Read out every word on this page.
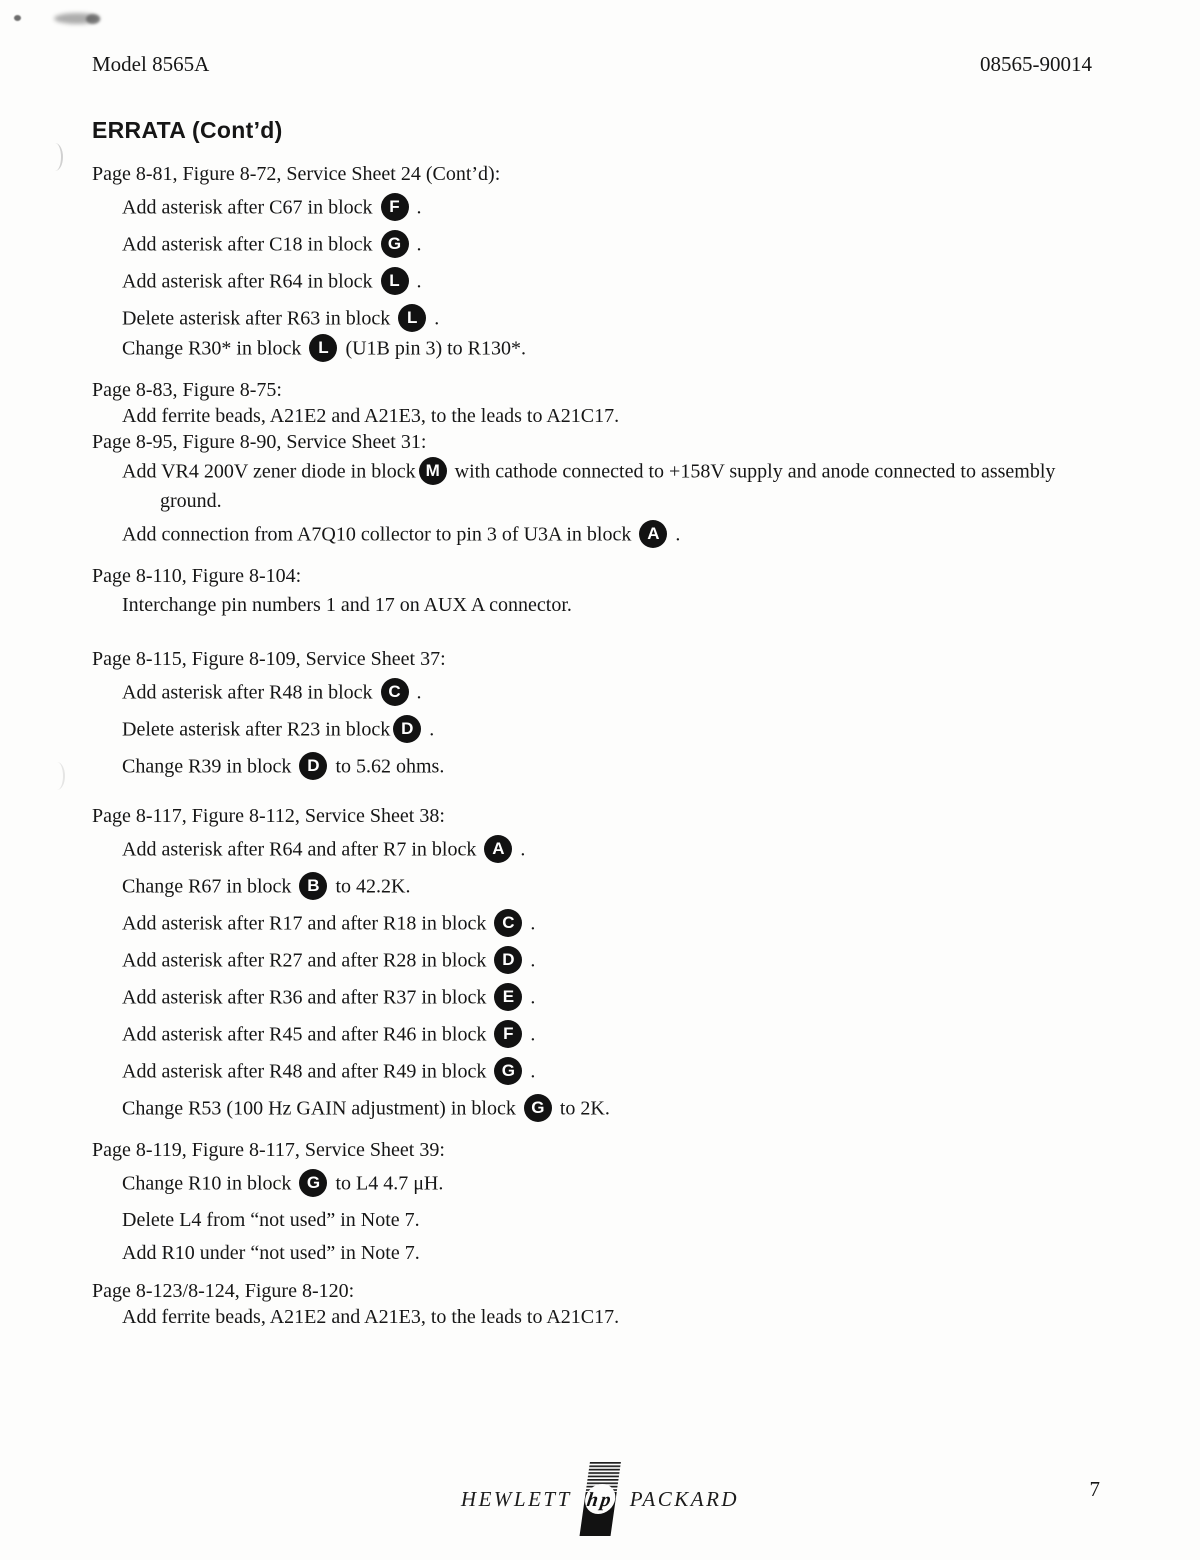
Model 8565A	08565-90014
ERRATA (Cont’d)
Page 8-81, Figure 8-72, Service Sheet 24 (Cont’d):
Add asterisk after C67 in block F .
Add asterisk after C18 in block G .
Add asterisk after R64 in block L .
Delete asterisk after R63 in block L .
Change R30* in block L (U1B pin 3) to R130*.
Page 8-83, Figure 8-75:
Add ferrite beads, A21E2 and A21E3, to the leads to A21C17.
Page 8-95, Figure 8-90, Service Sheet 31:
Add VR4 200V zener diode in block M with cathode connected to +158V supply and anode connected to assembly
ground.
Add connection from A7Q10 collector to pin 3 of U3A in block A .
Page 8-110, Figure 8-104:
Interchange pin numbers 1 and 17 on AUX A connector.
Page 8-115, Figure 8-109, Service Sheet 37:
Add asterisk after R48 in block C .
Delete asterisk after R23 in block D .
Change R39 in block D to 5.62 ohms.
Page 8-117, Figure 8-112, Service Sheet 38:
Add asterisk after R64 and after R7 in block A .
Change R67 in block B to 42.2K.
Add asterisk after R17 and after R18 in block C .
Add asterisk after R27 and after R28 in block D .
Add asterisk after R36 and after R37 in block E .
Add asterisk after R45 and after R46 in block F .
Add asterisk after R48 and after R49 in block G .
Change R53 (100 Hz GAIN adjustment) in block G to 2K.
Page 8-119, Figure 8-117, Service Sheet 39:
Change R10 in block G to L4 4.7 μH.
Delete L4 from “not used” in Note 7.
Add R10 under “not used” in Note 7.
Page 8-123/8-124, Figure 8-120:
Add ferrite beads, A21E2 and A21E3, to the leads to A21C17.
HEWLETT hp PACKARD	7
